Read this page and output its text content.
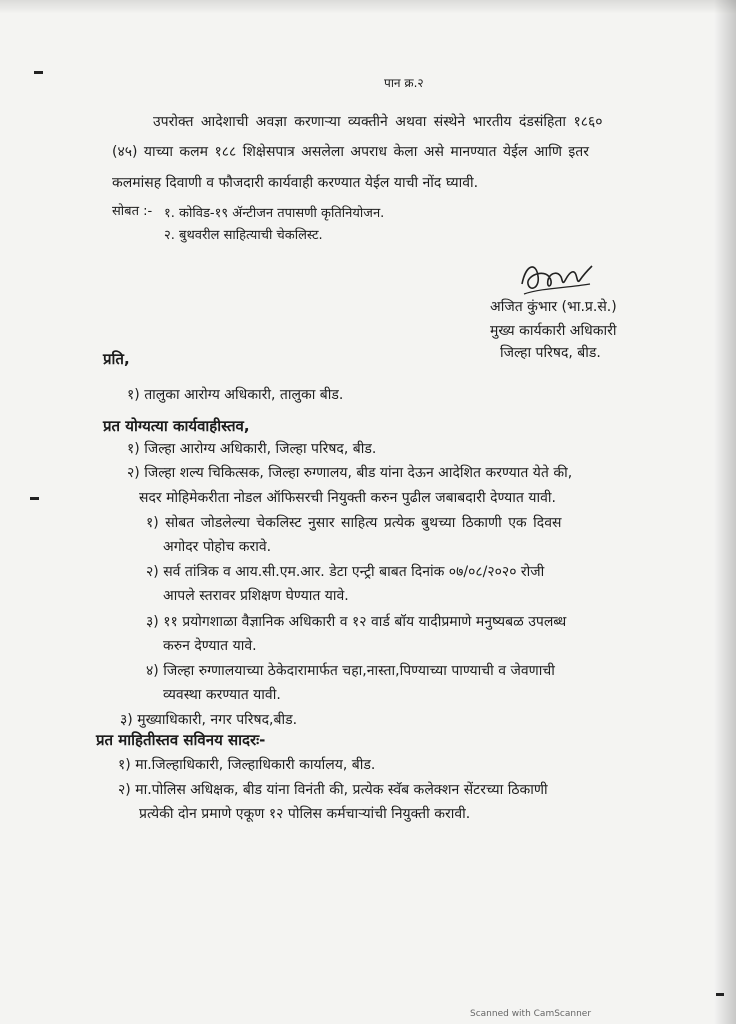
पान क्र.२
उपरोक्त आदेशाची अवज्ञा करणाऱ्या व्यक्तीने अथवा संस्थेने भारतीय दंडसंहिता १८६०
(४५) याच्या कलम १८८ शिक्षेसपात्र असलेला अपराध केला असे मानण्यात येईल आणि इतर
कलमांसह दिवाणी व फौजदारी कार्यवाही करण्यात येईल याची नोंद घ्यावी.
सोबत :- १. कोविड-१९ ॲन्टीजन तपासणी कृतिनियोजन.
२. बुथवरील साहित्याची चेकलिस्ट.
अजित कुंभार (भा.प्र.से.)
मुख्य कार्यकारी अधिकारी
जिल्हा परिषद, बीड.
प्रति,
१) तालुका आरोग्य अधिकारी, तालुका बीड.
प्रत योग्यत्या कार्यवाहीस्तव,
१) जिल्हा आरोग्य अधिकारी, जिल्हा परिषद, बीड.
२) जिल्हा शल्य चिकित्सक, जिल्हा रुग्णालय, बीड यांना देऊन आदेशित करण्यात येते की,
सदर मोहिमेकरीता नोडल ऑफिसरची नियुक्ती करुन पुढील जबाबदारी देण्यात यावी.
१) सोबत जोडलेल्या चेकलिस्ट नुसार साहित्य प्रत्येक बुथच्या ठिकाणी एक दिवस
अगोदर पोहोच करावे.
२) सर्व तांत्रिक व आय.सी.एम.आर. डेटा एन्ट्री बाबत दिनांक ०७/०८/२०२० रोजी
आपले स्तरावर प्रशिक्षण घेण्यात यावे.
३) ११ प्रयोगशाळा वैज्ञानिक अधिकारी व १२ वार्ड बॉय यादीप्रमाणे मनुष्यबळ उपलब्ध
करुन देण्यात यावे.
४) जिल्हा रुग्णालयाच्या ठेकेदारामार्फत चहा,नास्ता,पिण्याच्या पाण्याची व जेवणाची
व्यवस्था करण्यात यावी.
३) मुख्याधिकारी, नगर परिषद,बीड.
प्रत माहितीस्तव सविनय सादरः-
१) मा.जिल्हाधिकारी, जिल्हाधिकारी कार्यालय, बीड.
२) मा.पोलिस अधिक्षक, बीड यांना विनंती की, प्रत्येक स्वॅब कलेक्शन सेंटरच्या ठिकाणी
प्रत्येकी दोन प्रमाणे एकूण १२ पोलिस कर्मचाऱ्यांची नियुक्ती करावी.
Scanned with CamScanner
